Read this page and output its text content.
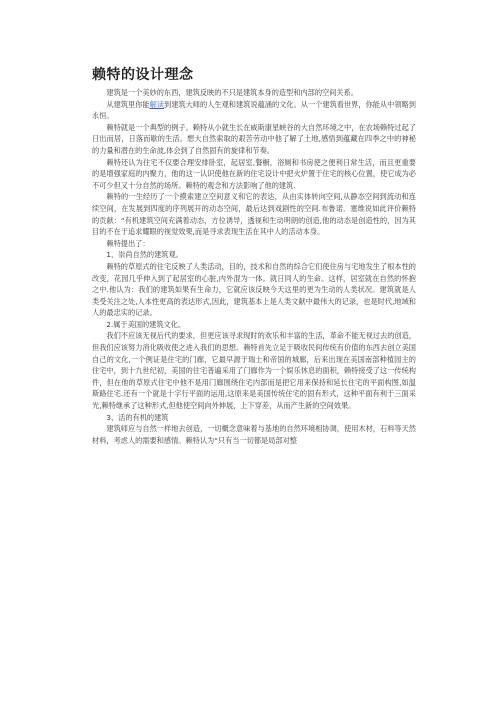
赖特的设计理念

建筑是一个美妙的东西，建筑反映的不只是建筑本身的造型和内部的空间关系。

从建筑里你能解读到建筑大师的人生观和建筑说蕴涵的文化。从一个建筑看世界，你能从中领略到永恒。

赖特就是一个典型的例子。赖特从小就生长在威斯康星峡谷的大自然环境之中，在农场赖特过起了日出而居，日落而歇的生活。想大自然索取的艰苦劳动中他了解了土地,感悟到蕴藏在四季之中的神秘的力量和潜在的生命波,体会到了自然固有的旋律和节奏。

赖特还认为住宅不仅要合理安排卧室，起居室,餐橱，浴厕和书房使之便利日常生活，而且更重要的是增强家庭的内聚力，他的这一认识使他在新的住宅设计中把火炉置于住宅的核心位置，使它成为必不可少但又十分自然的场所。赖特的观念和方法影响了他的建筑.

赖特的一生经历了一个摸索建立空间意义和它的表达，从由实体转向空间,从静态空间到流动和连续空间，在发展到四度的序列展开的动态空间，最后达到戏剧性的空间.布鲁诺．塞维说如此评价赖特的贡献：“有机建筑空间充满着动态，方位诱导，透视和生动明朗的创造,他的动态是创造性的，因为其目的不在于追求耀眼的视觉效果,而是寻求表现生活在其中人的活动本身。

赖特提出了：

1、崇尚自然的建筑观。

赖特的草原式的住宅反映了人类活动，目的，技术和自然的综合它们使住房与宅地发生了根本性的改变，花园几乎伸入到了起居室的心脏,内外混为一体。就日同人的生命。这样，居室就在自然的怀抱之中.他认为：我们的建筑如果有生命力，它就应该反映今天这里的更为生动的人类状况。建筑就是人类受关注之处,人本性更高的表达形式,因此，建筑基本上是人类文献中最伟大的记录，也是时代,地域和人的最忠实的记录。

2.属于美国的建筑文化。

我们不应该无视后代的要求，但更应该寻求现时的欢乐和丰富的生活，革命不能无视过去的创造，但我们应该努力消化吸收使之进入我们的思想。赖特首先立足于吸收民间传统有价值的东西去创立美国自己的文化,一个例证是住宅的门廊，它最早源于瑞士和帝国的城廊，后来出现在美国南部种植园主的住宅中，到十九世纪初，美国的住宅普遍采用了门廊作为一个娱乐休息的面积，赖特接受了这一传统构件，但在他的草原式住宅中他不是用门廊围绕住宅内部而是把它用来保持和延长住宅的平面构图,如温斯路住宅.还有一个就是十字行平面的运用,这原来是美国传统住宅的固有形式，这种平面有利于三面采光,赖特继承了这种形式,但他使空间向外伸展，上下穿差，从而产生新的空间效果。

3、活的有机的建筑

建筑师应与自然一样地去创造，一切概念意味着与基地的自然环境相协调，使用木材，石料等天然材料，考虑人的需要和感情。赖特认为“只有当一切都是局部对整
